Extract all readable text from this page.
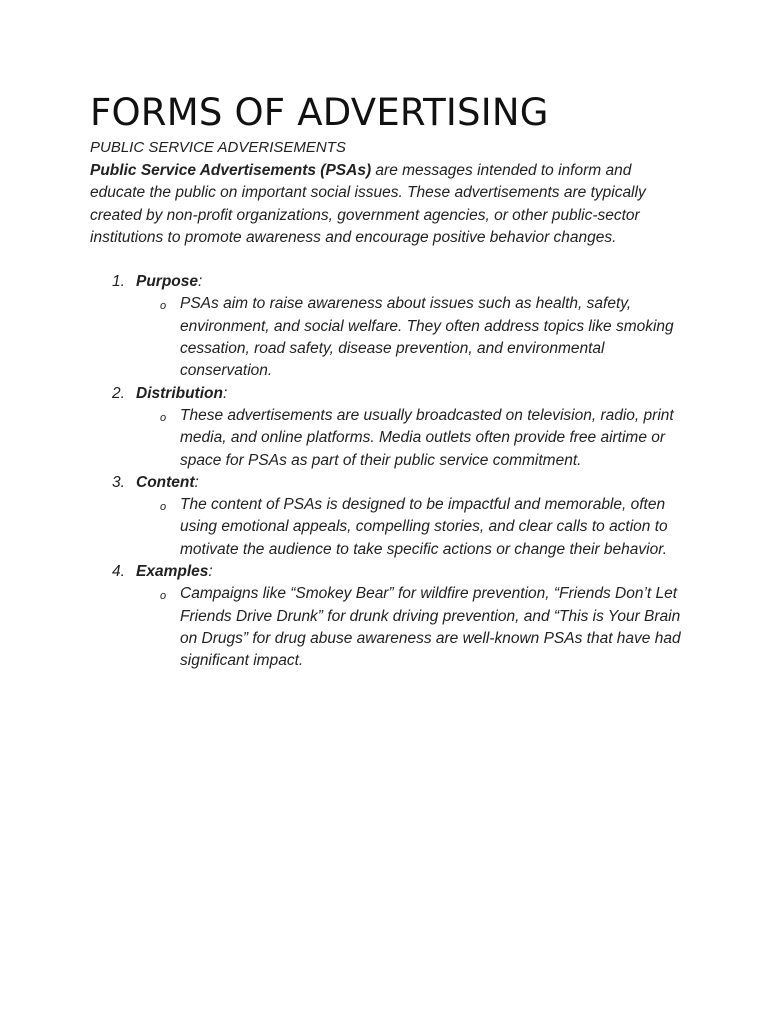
FORMS OF ADVERTISING

PUBLIC SERVICE ADVERISEMENTS

Public Service Advertisements (PSAs) are messages intended to inform and educate the public on important social issues. These advertisements are typically created by non-profit organizations, government agencies, or other public-sector institutions to promote awareness and encourage positive behavior changes.

1. Purpose:
o PSAs aim to raise awareness about issues such as health, safety, environment, and social welfare. They often address topics like smoking cessation, road safety, disease prevention, and environmental conservation.
2. Distribution:
o These advertisements are usually broadcasted on television, radio, print media, and online platforms. Media outlets often provide free airtime or space for PSAs as part of their public service commitment.
3. Content:
o The content of PSAs is designed to be impactful and memorable, often using emotional appeals, compelling stories, and clear calls to action to motivate the audience to take specific actions or change their behavior.
4. Examples:
o Campaigns like “Smokey Bear” for wildfire prevention, “Friends Don’t Let Friends Drive Drunk” for drunk driving prevention, and “This is Your Brain on Drugs” for drug abuse awareness are well-known PSAs that have had significant impact.
